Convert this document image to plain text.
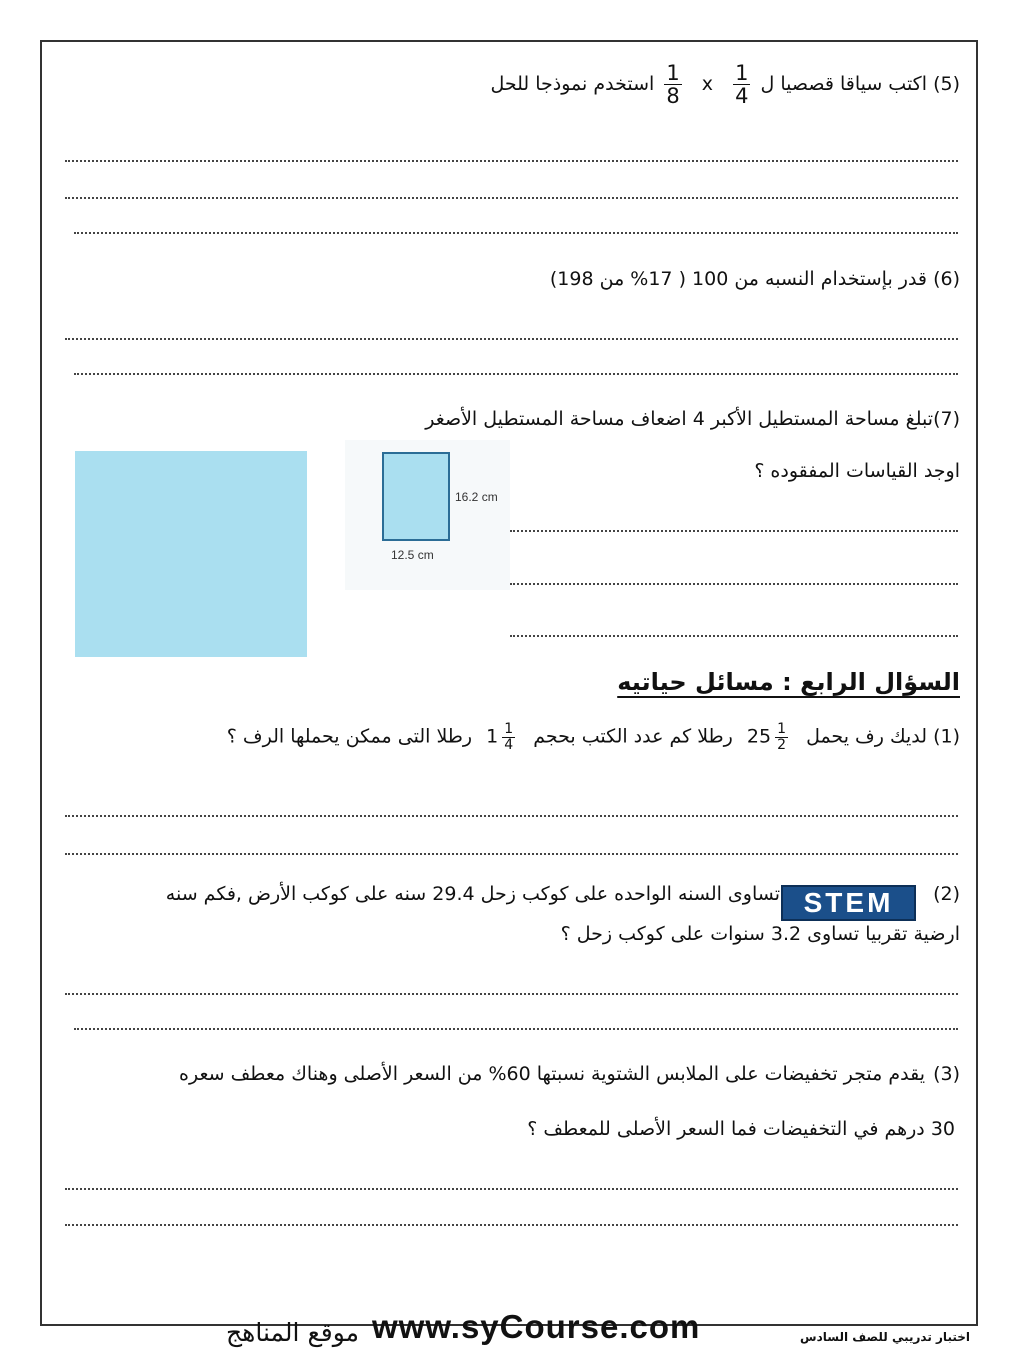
(5) اكتب سياقا قصصيا ل
$\frac{1}{4}$
x
$\frac{1}{8}$
استخدم نموذجا للحل
(6) قدر بإستخدام النسبه من 100 ( 17% من 198)
(7)تبلغ مساحة المستطيل الأكبر 4 اضعاف مساحة المستطيل الأصغر
اوجد القياسات المفقوده ؟
16.2 cm
12.5 cm
السؤال الرابع : مسائل حياتيه
(1) لديك رف يحمل $25 \frac{1}{2}$
رطلا كم عدد الكتب بحجم $1 \frac{1}{4}$
رطلا التى ممكن يحملها الرف ؟
(2)
STEM
تساوى السنه الواحده على كوكب زحل 29.4 سنه على كوكب الأرض ,فكم سنه
ارضية تقربيا تساوى 3.2 سنوات على كوكب زحل ؟
(3)
يقدم متجر تخفيضات على الملابس الشتوية نسبتها 60% من السعر الأصلى وهناك معطف سعره
30 درهم في التخفيضات فما السعر الأصلى للمعطف ؟
اختبار تدريبي للصف السادس
www.syCourse.com
موقع المناهج
